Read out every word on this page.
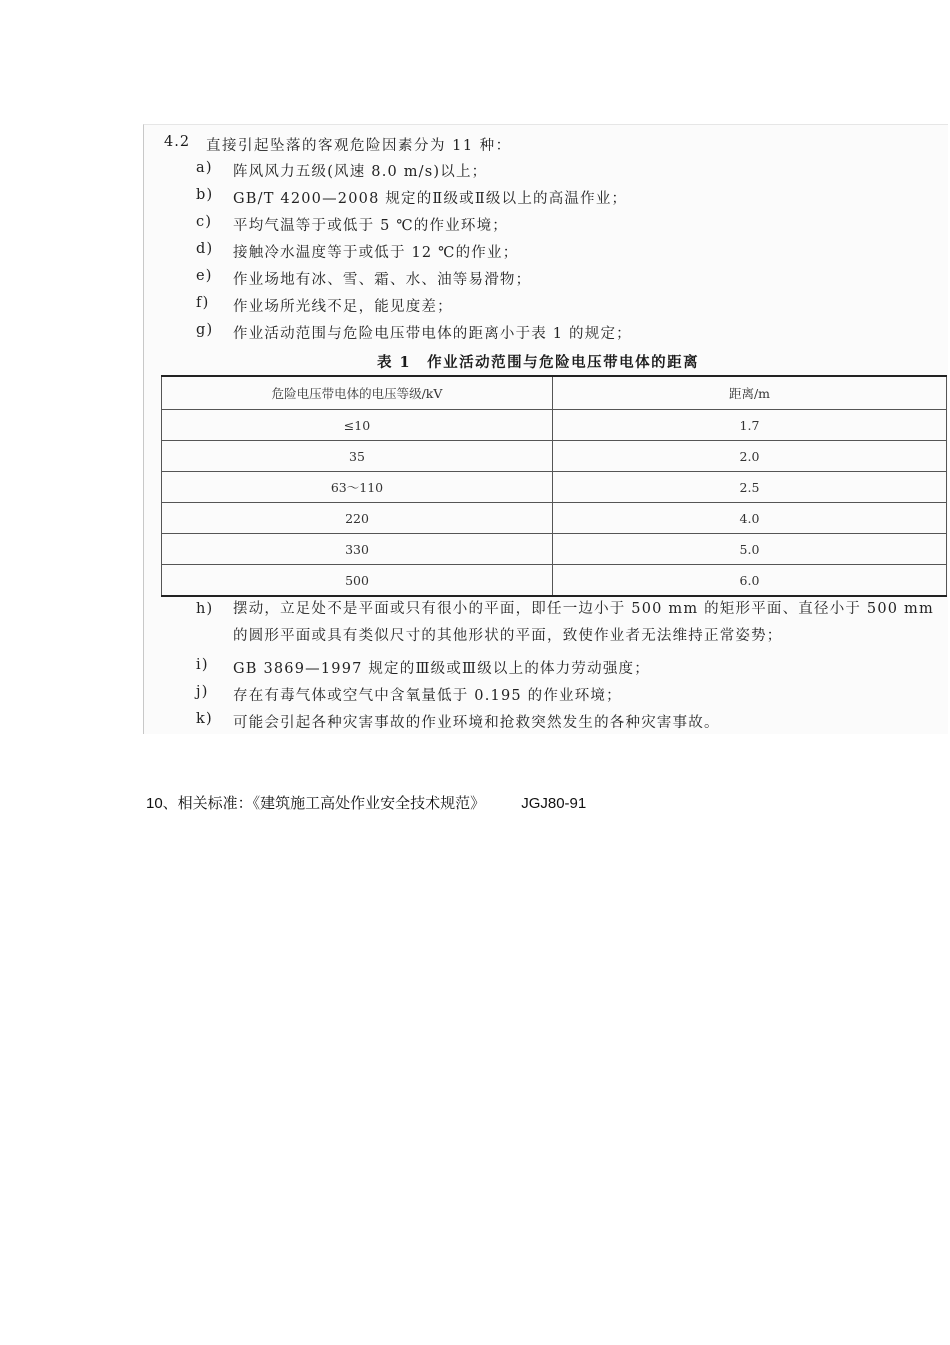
4.2 直接引起坠落的客观危险因素分为 11 种：
a)	阵风风力五级(风速 8.0 m/s)以上；
b)	GB/T 4200—2008 规定的Ⅱ级或Ⅱ级以上的高温作业；
c)	平均气温等于或低于 5 ℃的作业环境；
d)	接触冷水温度等于或低于 12 ℃的作业；
e)	作业场地有冰、雪、霜、水、油等易滑物；
f)	作业场所光线不足，能见度差；
g)	作业活动范围与危险电压带电体的距离小于表 1 的规定；
表 1　作业活动范围与危险电压带电体的距离
危险电压带电体的电压等级/kV	距离/m
≤10	1.7
35	2.0
63～110	2.5
220	4.0
330	5.0
500	6.0
h)	摆动，立足处不是平面或只有很小的平面，即任一边小于 500 mm 的矩形平面、直径小于 500 mm的圆形平面或具有类似尺寸的其他形状的平面，致使作业者无法维持正常姿势；
i)	GB 3869—1997 规定的Ⅲ级或Ⅲ级以上的体力劳动强度；
j)	存在有毒气体或空气中含氧量低于 0.195 的作业环境；
k)	可能会引起各种灾害事故的作业环境和抢救突然发生的各种灾害事故。
10、相关标准：《建筑施工高处作业安全技术规范》 JGJ80-91
